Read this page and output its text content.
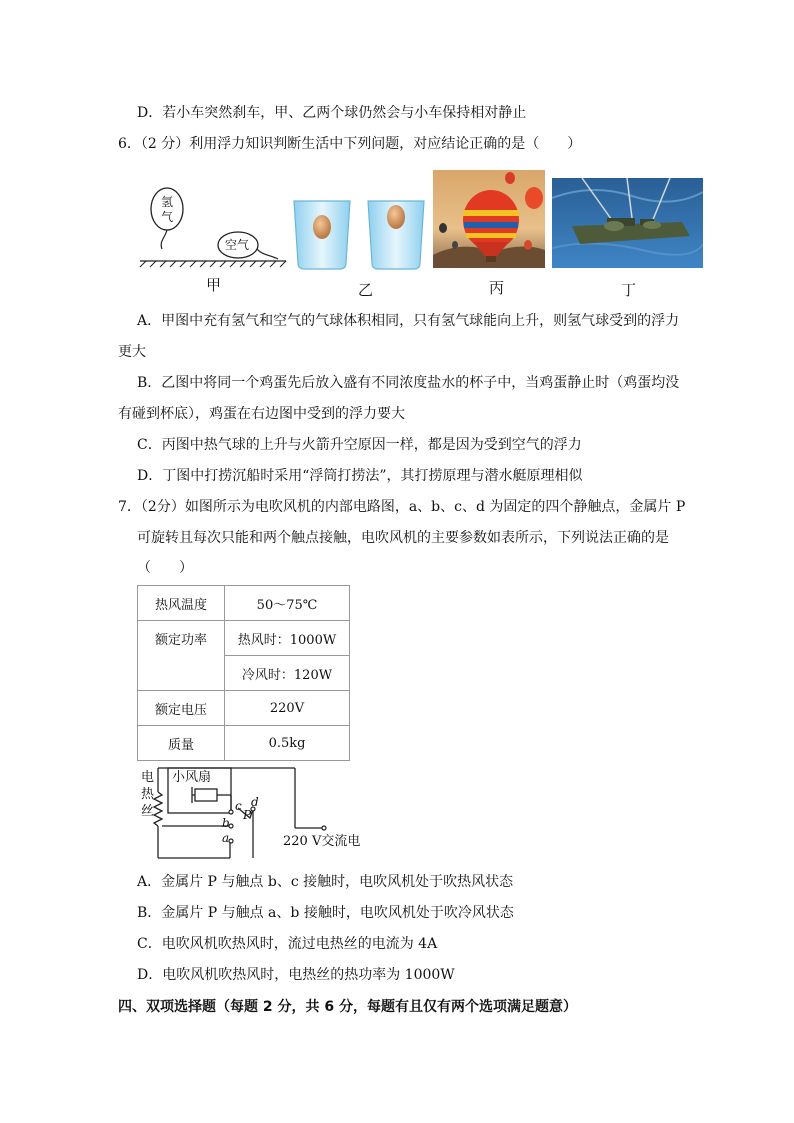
D．若小车突然刹车，甲、乙两个球仍然会与小车保持相对静止
6．（2 分）利用浮力知识判断生活中下列问题，对应结论正确的是（　　）
氢
气
空气
甲	乙	丙	丁
A．甲图中充有氢气和空气的气球体积相同，只有氢气球能向上升，则氢气球受到的浮力
更大
B．乙图中将同一个鸡蛋先后放入盛有不同浓度盐水的杯子中，当鸡蛋静止时（鸡蛋均没
有碰到杯底），鸡蛋在右边图中受到的浮力要大
C．丙图中热气球的上升与火箭升空原因一样，都是因为受到空气的浮力
D．丁图中打捞沉船时采用“浮筒打捞法”，其打捞原理与潜水艇原理相似
7．（2分）如图所示为电吹风机的内部电路图，a、b、c、d 为固定的四个静触点，金属片 P
可旋转且每次只能和两个触点接触，电吹风机的主要参数如表所示，下列说法正确的是
（　　）
热风温度	50～75℃
额定功率	热风时：1000W
	冷风时：120W
额定电压	220V
质量	0.5kg
电
热
丝
小风扇
c d
b
P
a	220 V交流电
A．金属片 P 与触点 b、c 接触时，电吹风机处于吹热风状态
B．金属片 P 与触点 a、b 接触时，电吹风机处于吹冷风状态
C．电吹风机吹热风时，流过电热丝的电流为 4A
D．电吹风机吹热风时，电热丝的热功率为 1000W
四、双项选择题（每题 2 分，共 6 分，每题有且仅有两个选项满足题意）
